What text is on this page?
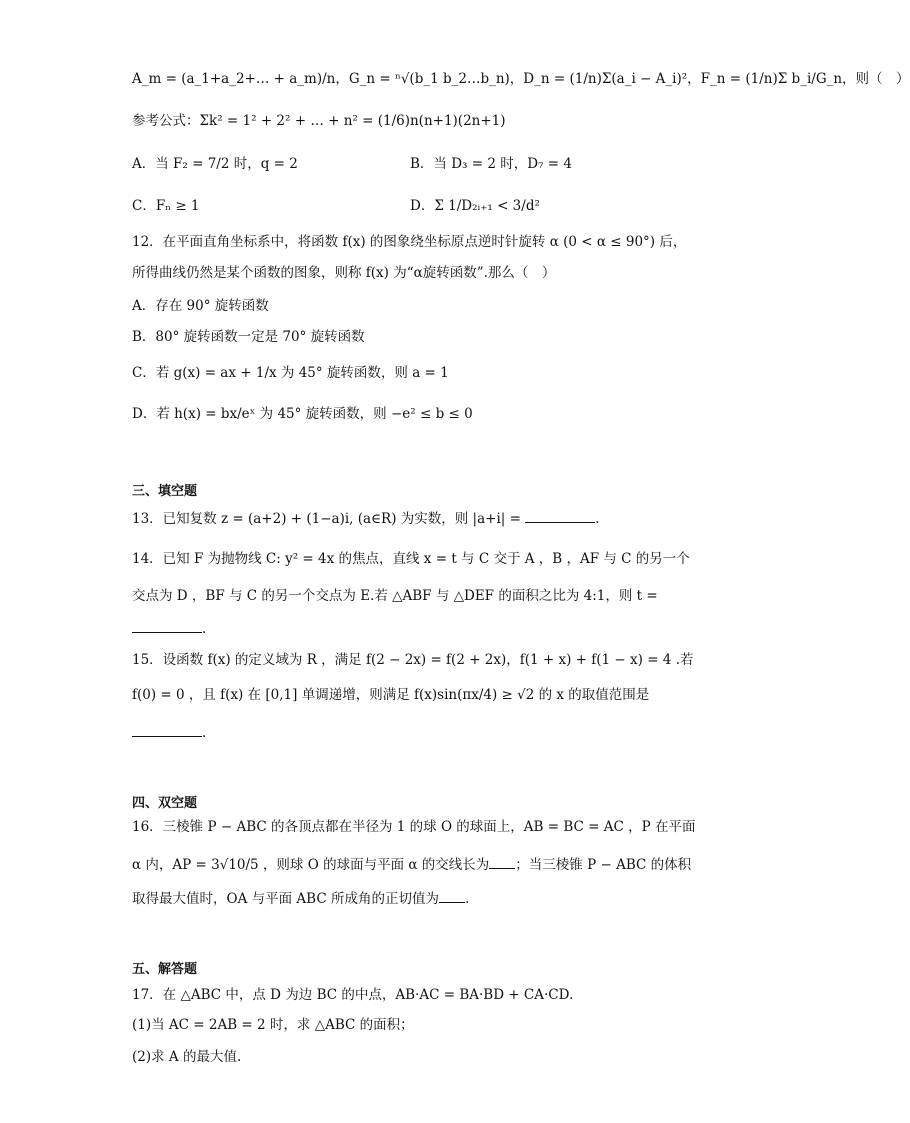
A_m = (a_1+a_2+… + a_m)/n，G_n = ⁿ√(b_1 b_2…b_n)，D_n = (1/n)Σ(a_i − A_i)²，F_n = (1/n)Σ b_i/G_n，则（　）
参考公式：Σk² = 1² + 2² + … + n² = (1/6)n(n+1)(2n+1)
A．当 F₂ = 7/2 时，q = 2	B．当 D₃ = 2 时，D₇ = 4
C．Fₙ ≥ 1	D．Σ 1/D₂ᵢ₊₁ < 3/d²
12．在平面直角坐标系中，将函数 f(x) 的图象绕坐标原点逆时针旋转 α (0 < α ≤ 90°) 后，
所得曲线仍然是某个函数的图象，则称 f(x) 为“α旋转函数”.那么（　）
A．存在 90° 旋转函数
B．80° 旋转函数一定是 70° 旋转函数
C．若 g(x) = ax + 1/x 为 45° 旋转函数，则 a = 1
D．若 h(x) = bx/eˣ 为 45° 旋转函数，则 −e² ≤ b ≤ 0
三、填空题
13．已知复数 z = (a+2) + (1−a)i, (a∈R) 为实数，则 |a+i| =	.
14．已知 F 为抛物线 C: y² = 4x 的焦点，直线 x = t 与 C 交于 A ，B ，AF 与 C 的另一个
交点为 D ，BF 与 C 的另一个交点为 E.若 △ABF 与 △DEF 的面积之比为 4:1，则 t =
.
15．设函数 f(x) 的定义域为 R ，满足 f(2 − 2x) = f(2 + 2x)，f(1 + x) + f(1 − x) = 4 .若
f(0) = 0 ，且 f(x) 在 [0,1] 单调递增，则满足 f(x)sin(πx/4) ≥ √2 的 x 的取值范围是
.
四、双空题
16．三棱锥 P − ABC 的各顶点都在半径为 1 的球 O 的球面上，AB = BC = AC ，P 在平面
α 内，AP = 3√10/5 ，则球 O 的球面与平面 α 的交线长为 ；当三棱锥 P − ABC 的体积
取得最大值时，OA 与平面 ABC 所成角的正切值为 .
五、解答题
17．在 △ABC 中，点 D 为边 BC 的中点，AB·AC = BA·BD + CA·CD.
(1)当 AC = 2AB = 2 时，求 △ABC 的面积；
(2)求 A 的最大值.
